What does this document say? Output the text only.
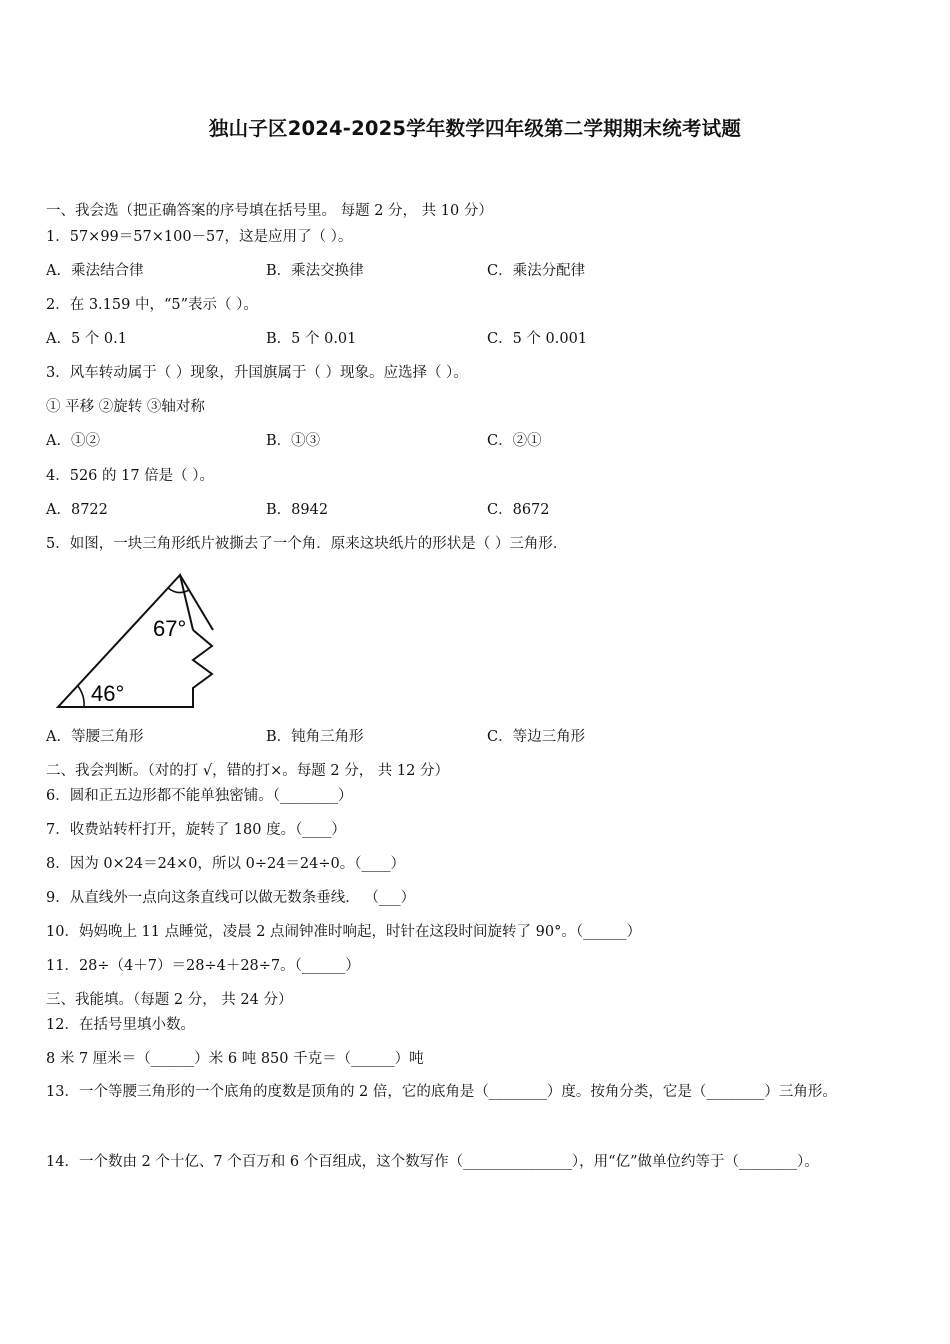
独山子区2024-2025学年数学四年级第二学期期末统考试题
一、我会选（把正确答案的序号填在括号里。 每题 2 分， 共 10 分）
1．57×99＝57×100－57，这是应用了（ ）。
A．乘法结合律	B．乘法交换律	C．乘法分配律
2．在 3.159 中，“5”表示（ ）。
A．5 个 0.1	B．5 个 0.01	C．5 个 0.001
3．风车转动属于（ ）现象，升国旗属于（ ）现象。应选择（ ）。
① 平移 ②旋转 ③轴对称
A．①②	B．①③	C．②①
4．526 的 17 倍是（ ）。
A．8722	B．8942	C．8672
5．如图，一块三角形纸片被撕去了一个角．原来这块纸片的形状是（ ）三角形．
67°
46°
A．等腰三角形	B．钝角三角形	C．等边三角形
二、我会判断。（对的打 √，错的打×。每题 2 分， 共 12 分）
6．圆和正五边形都不能单独密铺。（________）
7．收费站转杆打开，旋转了 180 度。（____）
8．因为 0×24＝24×0，所以 0÷24＝24÷0。（____）
9．从直线外一点向这条直线可以做无数条垂线． （___）
10．妈妈晚上 11 点睡觉，凌晨 2 点闹钟准时响起，时针在这段时间旋转了 90°。（______）
11．28÷（4＋7）＝28÷4＋28÷7。（______）
三、我能填。（每题 2 分， 共 24 分）
12．在括号里填小数。
8 米 7 厘米＝（______）米 6 吨 850 千克＝（______）吨
13．一个等腰三角形的一个底角的度数是顶角的 2 倍，它的底角是（________）度。按角分类，它是（________）三角形。
14．一个数由 2 个十亿、7 个百万和 6 个百组成，这个数写作（_______________），用“亿”做单位约等于（________）。
